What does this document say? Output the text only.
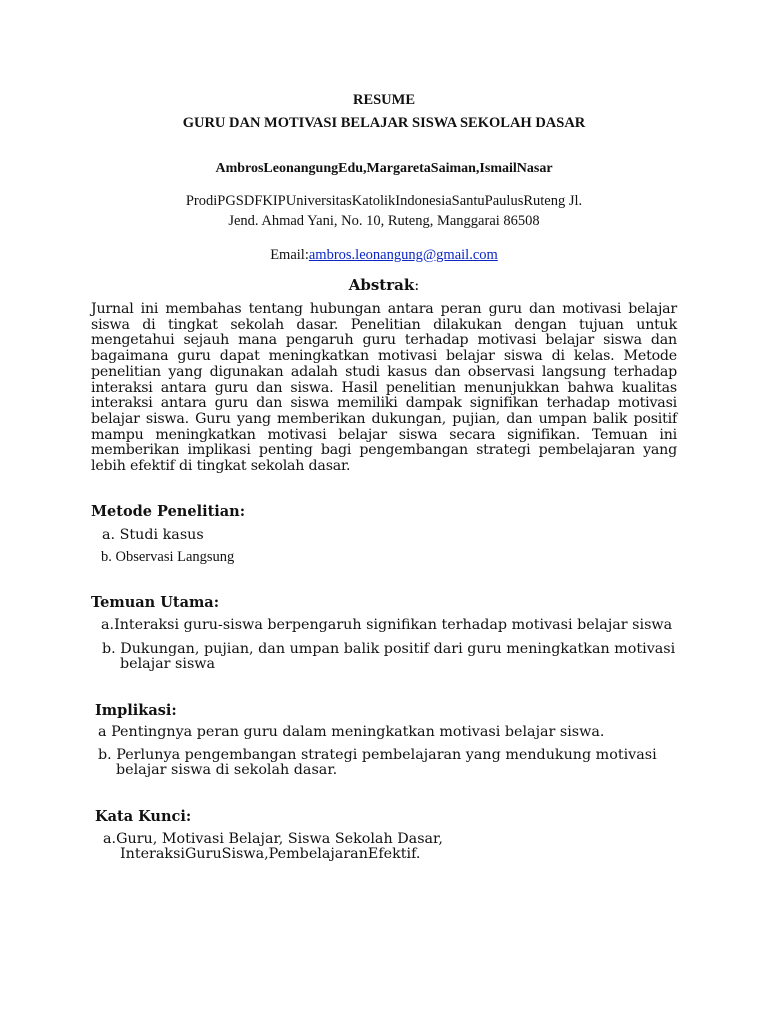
RESUME
GURU DAN MOTIVASI BELAJAR SISWA SEKOLAH DASAR
AmbrosLeonangungEdu,MargaretaSaiman,IsmailNasar
ProdiPGSDFKIPUniversitasKatolikIndonesiaSantuPaulusRuteng Jl.
Jend. Ahmad Yani, No. 10, Ruteng, Manggarai 86508
Email:ambros.leonangung@gmail.com
Abstrak:
Jurnal ini membahas tentang hubungan antara peran guru dan motivasi belajar siswa di tingkat sekolah dasar. Penelitian dilakukan dengan tujuan untuk mengetahui sejauh mana pengaruh guru terhadap motivasi belajar siswa dan bagaimana guru dapat meningkatkan motivasi belajar siswa di kelas. Metode penelitian yang digunakan adalah studi kasus dan observasi langsung terhadap interaksi antara guru dan siswa. Hasil penelitian menunjukkan bahwa kualitas interaksi antara guru dan siswa memiliki dampak signifikan terhadap motivasi belajar siswa. Guru yang memberikan dukungan, pujian, dan umpan balik positif mampu meningkatkan motivasi belajar siswa secara signifikan. Temuan ini memberikan implikasi penting bagi pengembangan strategi pembelajaran yang lebih efektif di tingkat sekolah dasar.
Metode Penelitian:
a. Studi kasus
b. Observasi Langsung
Temuan Utama:
a.Interaksi guru-siswa berpengaruh signifikan terhadap motivasi belajar siswa
b. Dukungan, pujian, dan umpan balik positif dari guru meningkatkan motivasi
belajar siswa
Implikasi:
a Pentingnya peran guru dalam meningkatkan motivasi belajar siswa.
b. Perlunya pengembangan strategi pembelajaran yang mendukung motivasi
belajar siswa di sekolah dasar.
Kata Kunci:
a.Guru, Motivasi Belajar, Siswa Sekolah Dasar,
InteraksiGuruSiswa,PembelajaranEfektif.
